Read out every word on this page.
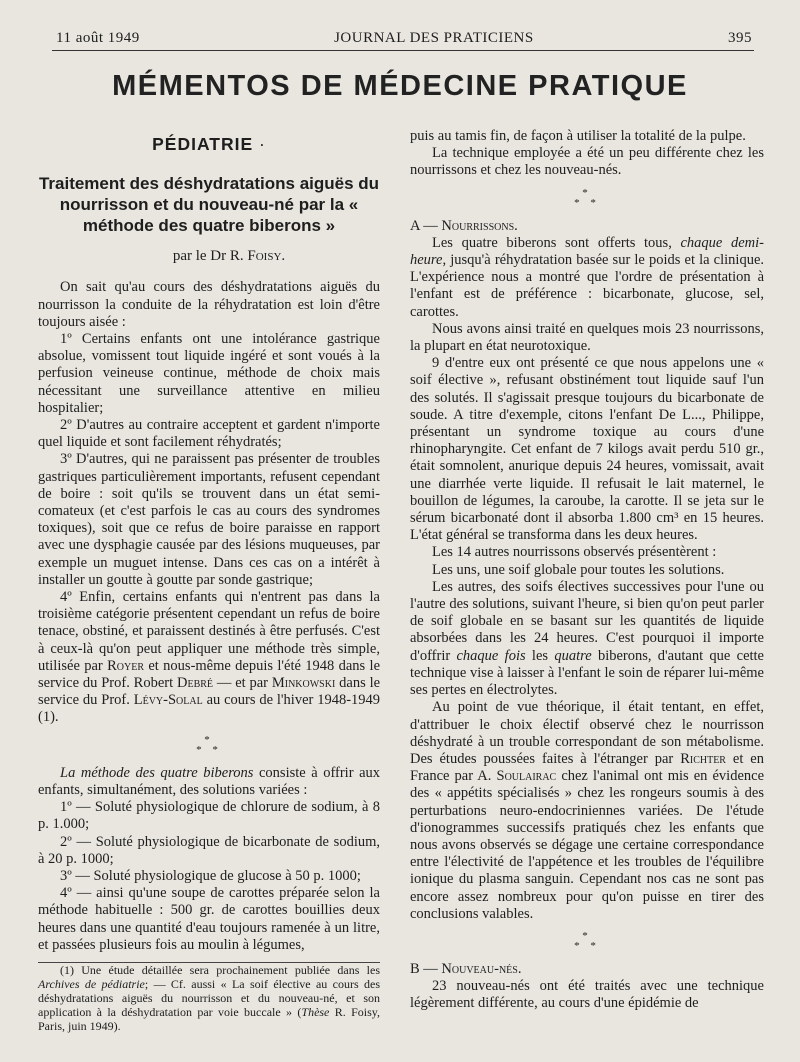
11 août 1949	JOURNAL DES PRATICIENS	395
MÉMENTOS DE MÉDECINE PRATIQUE
PÉDIATRIE ·
Traitement des déshydratations aiguës du nourrisson et du nouveau-né par la « méthode des quatre biberons »
par le Dr R. Foisy.

On sait qu'au cours des déshydratations aiguës du nourrisson la conduite de la réhydratation est loin d'être toujours aisée :

1º Certains enfants ont une intolérance gastrique absolue, vomissent tout liquide ingéré et sont voués à la perfusion veineuse continue, méthode de choix mais nécessitant une surveillance attentive en milieu hospitalier;

2º D'autres au contraire acceptent et gardent n'importe quel liquide et sont facilement réhydratés;

3º D'autres, qui ne paraissent pas présenter de troubles gastriques particulièrement importants, refusent cependant de boire : soit qu'ils se trouvent dans un état semi-comateux (et c'est parfois le cas au cours des syndromes toxiques), soit que ce refus de boire paraisse en rapport avec une dysphagie causée par des lésions muqueuses, par exemple un muguet intense. Dans ces cas on a intérêt à installer un goutte à goutte par sonde gastrique;

4º Enfin, certains enfants qui n'entrent pas dans la troisième catégorie présentent cependant un refus de boire tenace, obstiné, et paraissent destinés à être perfusés. C'est à ceux-là qu'on peut appliquer une méthode très simple, utilisée par Royer et nous-même depuis l'été 1948 dans le service du Prof. Robert Debré — et par Minkowski dans le service du Prof. Lévy-Solal au cours de l'hiver 1948-1949 (1).

*
* *

La méthode des quatre biberons consiste à offrir aux enfants, simultanément, des solutions variées :

1º — Soluté physiologique de chlorure de sodium, à 8 p. 1.000;

2º — Soluté physiologique de bicarbonate de sodium, à 20 p. 1000;

3º — Soluté physiologique de glucose à 50 p. 1000;

4º — ainsi qu'une soupe de carottes préparée selon la méthode habituelle : 500 gr. de carottes bouillies deux heures dans une quantité d'eau toujours ramenée à un litre, et passées plusieurs fois au moulin à légumes,

(1) Une étude détaillée sera prochainement publiée dans les Archives de pédiatrie; — Cf. aussi « La soif élective au cours des déshydratations aiguës du nourrisson et du nouveau-né, et son application à la déshydratation par voie buccale » (Thèse R. Foisy, Paris, juin 1949).

puis au tamis fin, de façon à utiliser la totalité de la pulpe.

La technique employée a été un peu différente chez les nourrissons et chez les nouveau-nés.

*
* *

A — Nourrissons.

Les quatre biberons sont offerts tous, chaque demi-heure, jusqu'à réhydratation basée sur le poids et la clinique. L'expérience nous a montré que l'ordre de présentation à l'enfant est de préférence : bicarbonate, glucose, sel, carottes.

Nous avons ainsi traité en quelques mois 23 nourrissons, la plupart en état neurotoxique.

9 d'entre eux ont présenté ce que nous appelons une « soif élective », refusant obstinément tout liquide sauf l'un des solutés. Il s'agissait presque toujours du bicarbonate de soude. A titre d'exemple, citons l'enfant De L..., Philippe, présentant un syndrome toxique au cours d'une rhinopharyngite. Cet enfant de 7 kilogs avait perdu 510 gr., était somnolent, anurique depuis 24 heures, vomissait, avait une diarrhée verte liquide. Il refusait le lait maternel, le bouillon de légumes, la caroube, la carotte. Il se jeta sur le sérum bicarbonaté dont il absorba 1.800 cm³ en 15 heures. L'état général se transforma dans les deux heures.

Les 14 autres nourrissons observés présentèrent :

Les uns, une soif globale pour toutes les solutions.

Les autres, des soifs électives successives pour l'une ou l'autre des solutions, suivant l'heure, si bien qu'on peut parler de soif globale en se basant sur les quantités de liquide absorbées dans les 24 heures. C'est pourquoi il importe d'offrir chaque fois les quatre biberons, d'autant que cette technique vise à laisser à l'enfant le soin de réparer lui-même ses pertes en électrolytes.

Au point de vue théorique, il était tentant, en effet, d'attribuer le choix électif observé chez le nourrisson déshydraté à un trouble correspondant de son métabolisme. Des études poussées faites à l'étranger par Richter et en France par A. Soulairac chez l'animal ont mis en évidence des « appétits spécialisés » chez les rongeurs soumis à des perturbations neuro-endocriniennes variées. De l'étude d'ionogrammes successifs pratiqués chez les enfants que nous avons observés se dégage une certaine correspondance entre l'électivité de l'appétence et les troubles de l'équilibre ionique du plasma sanguin. Cependant nos cas ne sont pas encore assez nombreux pour qu'on puisse en tirer des conclusions valables.

*
* *

B — Nouveau-nés.

23 nouveau-nés ont été traités avec une technique légèrement différente, au cours d'une épidémie de
